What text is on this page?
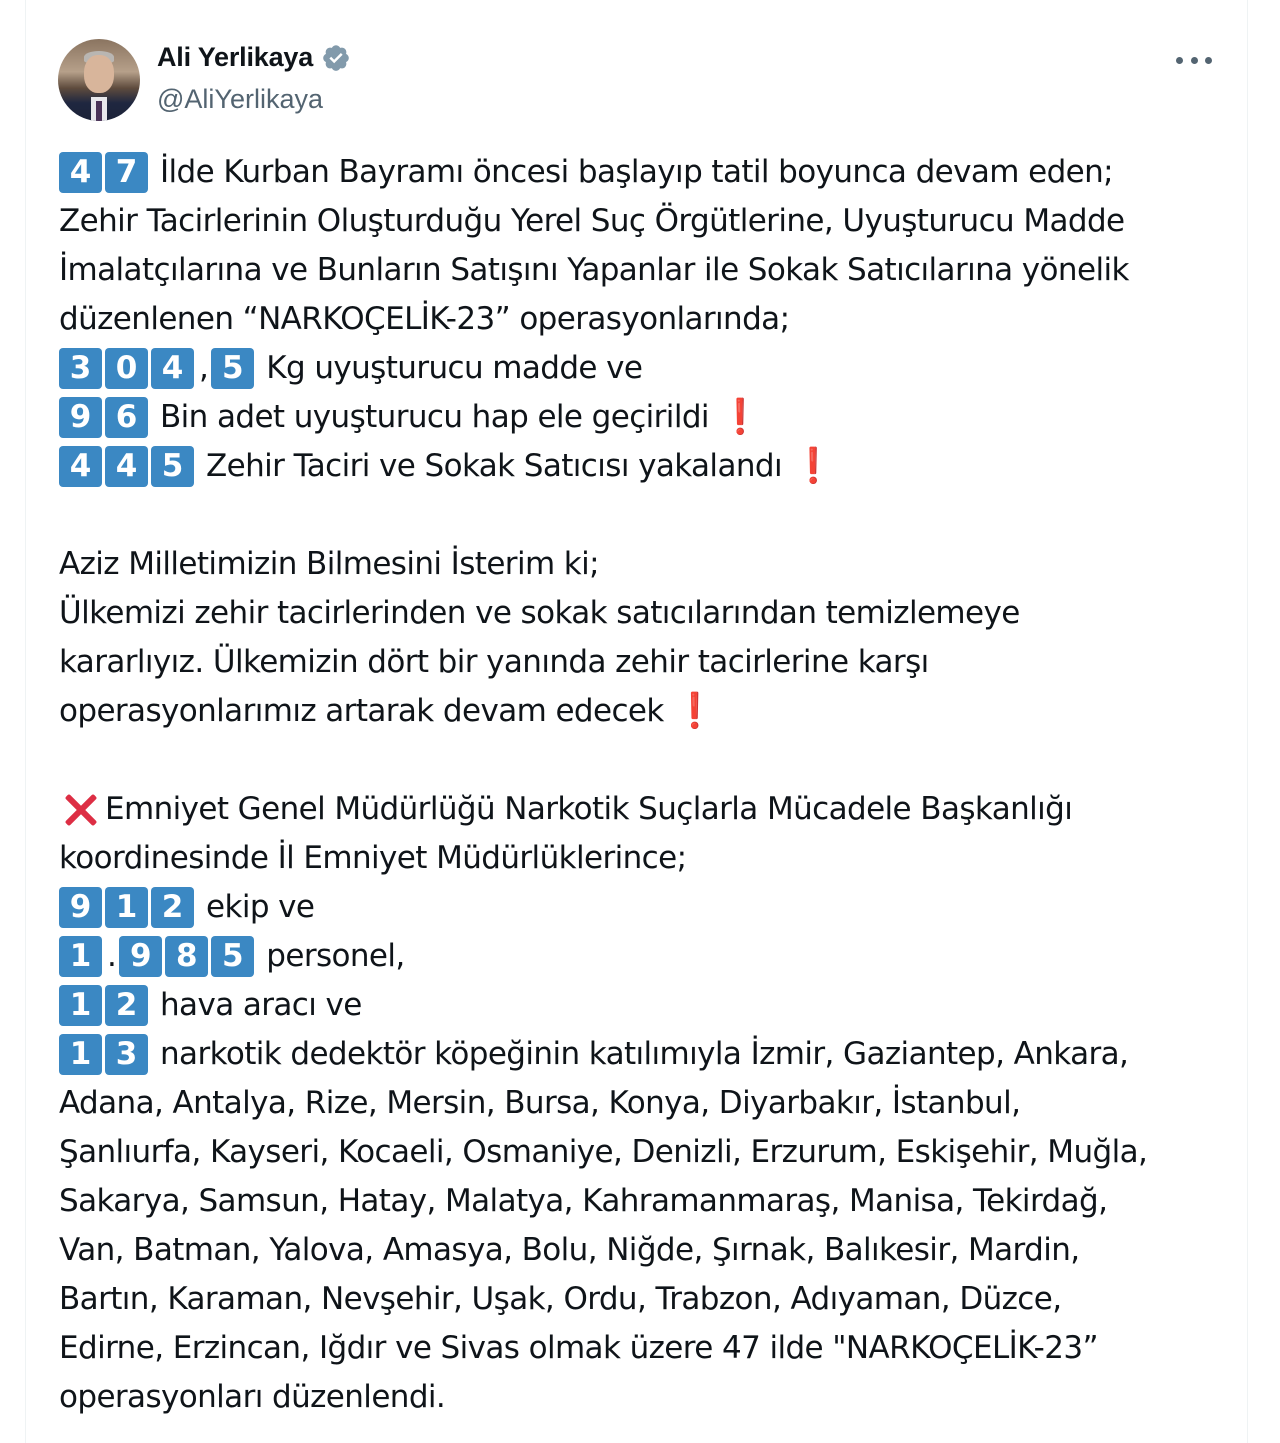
Ali Yerlikaya
@AliYerlikaya
4 7 İlde Kurban Bayramı öncesi başlayıp tatil boyunca devam eden;
Zehir Tacirlerinin Oluşturduğu Yerel Suç Örgütlerine, Uyuşturucu Madde
İmalatçılarına ve Bunların Satışını Yapanlar ile Sokak Satıcılarına yönelik
düzenlenen “NARKOÇELİK-23” operasyonlarında;
3 0 4 , 5 Kg uyuşturucu madde ve
9 6 Bin adet uyuşturucu hap ele geçirildi ❗
4 4 5 Zehir Taciri ve Sokak Satıcısı yakalandı ❗
Aziz Milletimizin Bilmesini İsterim ki;
Ülkemizi zehir tacirlerinden ve sokak satıcılarından temizlemeye
kararlıyız. Ülkemizin dört bir yanında zehir tacirlerine karşı
operasyonlarımız artarak devam edecek ❗
Emniyet Genel Müdürlüğü Narkotik Suçlarla Mücadele Başkanlığı
koordinesinde İl Emniyet Müdürlüklerince;
9 1 2 ekip ve
1 . 9 8 5 personel,
1 2 hava aracı ve
1 3 narkotik dedektör köpeğinin katılımıyla İzmir, Gaziantep, Ankara,
Adana, Antalya, Rize, Mersin, Bursa, Konya, Diyarbakır, İstanbul,
Şanlıurfa, Kayseri, Kocaeli, Osmaniye, Denizli, Erzurum, Eskişehir, Muğla,
Sakarya, Samsun, Hatay, Malatya, Kahramanmaraş, Manisa, Tekirdağ,
Van, Batman, Yalova, Amasya, Bolu, Niğde, Şırnak, Balıkesir, Mardin,
Bartın, Karaman, Nevşehir, Uşak, Ordu, Trabzon, Adıyaman, Düzce,
Edirne, Erzincan, Iğdır ve Sivas olmak üzere 47 ilde "NARKOÇELİK-23”
operasyonları düzenlendi.
